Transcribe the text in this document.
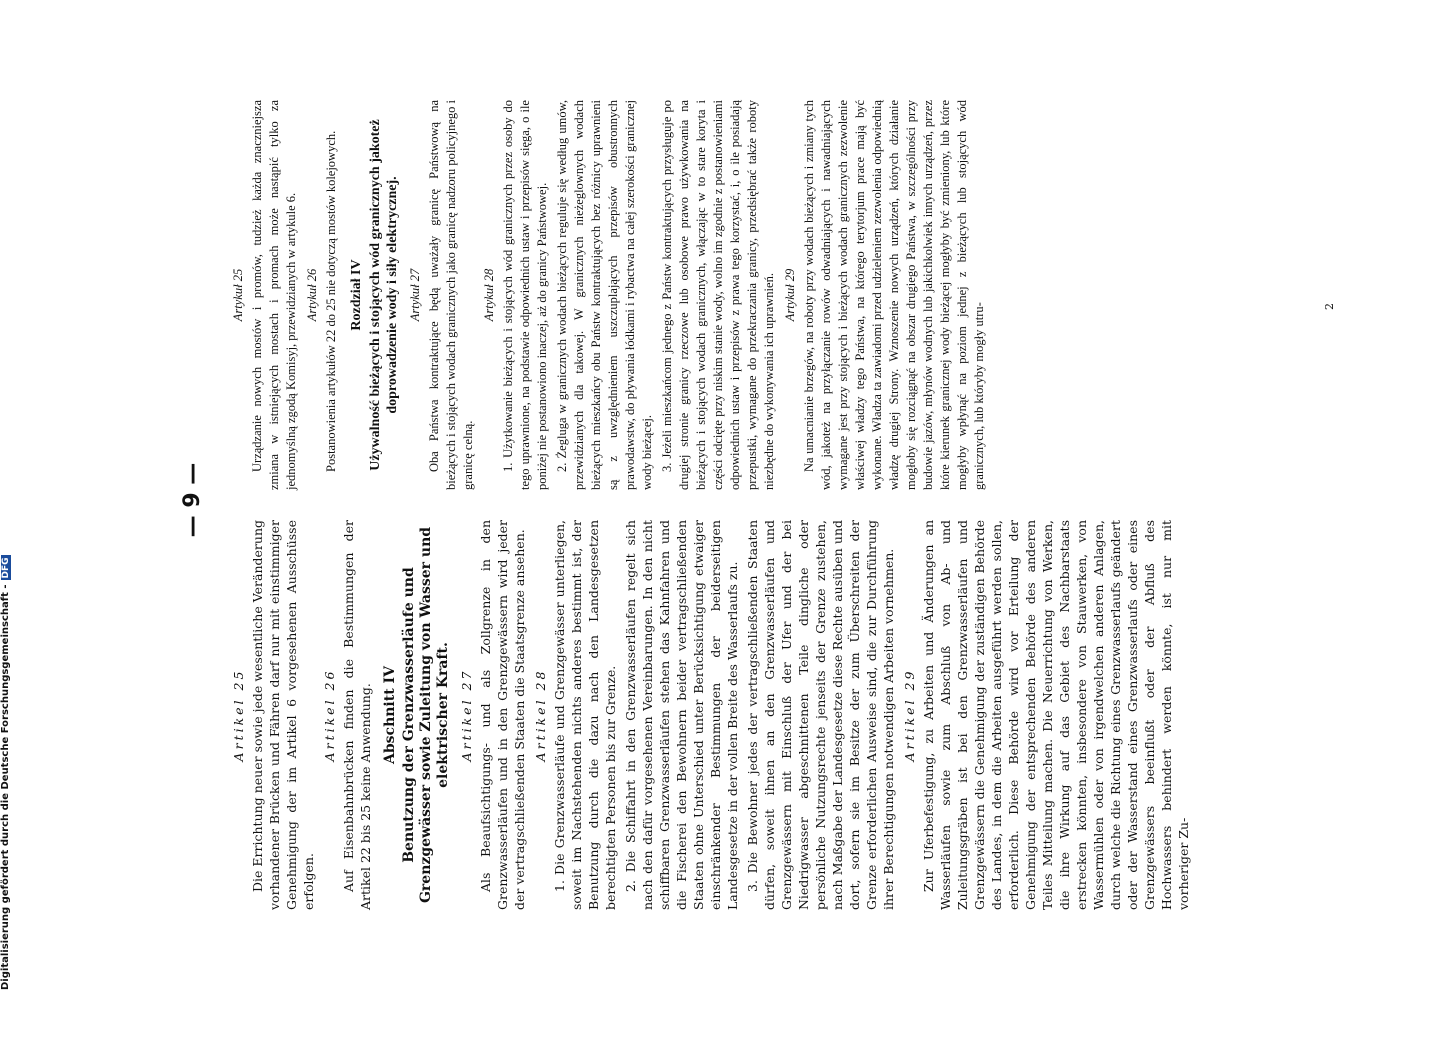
— 9 —
Artikel 25 Die Errichtung neuer sowie jede wesentliche Veränderung vorhandener Brücken und Fähren darf nur mit einstimmiger Genehmigung der im Artikel 6 vorgesehenen Ausschüsse erfolgen.

Artikel 26 Auf Eisenbahnbrücken finden die Bestimmungen der Artikel 22 bis 25 keine Anwendung. Abschnitt IV Benutzung der Grenzwasserläufe und Grenzgewässer sowie Zuleitung von Wasser und elektrischer Kraft. Artikel 27 Als Beaufsichtigungs- und als Zollgrenze in den Grenzwasserläufen und in den Grenzgewässern wird jeder der vertragschließenden Staaten die Staatsgrenze ansehen. Artikel 28 1. Die Grenzwasserläufe und Grenzgewässer unterliegen, soweit im Nachstehenden nichts anderes bestimmt ist, der Benutzung durch die dazu nach den Landesgesetzen berechtigten Personen bis zur Grenze. 2. Die Schiffahrt in den Grenzwasserläufen regelt sich nach den dafür vorgesehenen Vereinbarungen. In den nicht schiffbaren Grenzwasserläufen stehen das Kahnfahren und die Fischerei den Bewohnern beider vertragschließenden Staaten ohne Unterschied unter Berücksichtigung etwaiger einschränkender Bestimmungen der beiderseitigen Landesgesetze in der vollen Breite des Wasserlaufs zu. 3. Die Bewohner jedes der vertragschließenden Staaten dürfen, soweit ihnen an den Grenzwasserläufen und Grenzgewässern mit Einschluß der Ufer und der bei Niedrigwasser abgeschnittenen Teile dingliche oder persönliche Nutzungsrechte jenseits der Grenze zustehen, nach Maßgabe der Landesgesetze diese Rechte ausüben und dort, sofern sie im Besitze der zum Überschreiten der Grenze erforderlichen Ausweise sind, die zur Durchführung ihrer Berechtigungen notwendigen Arbeiten vornehmen. Artikel 29 Zur Uferbefestigung, zu Arbeiten und Änderungen an Wasserläufen sowie zum Abschluß von Ab- und Zuleitungsgräben ist bei den Grenzwasserläufen und Grenzgewässern die Genehmigung der zuständigen Behörde des Landes, in dem die Arbeiten ausgeführt werden sollen, erforderlich. Diese Behörde wird vor Erteilung der Genehmigung der entsprechenden Behörde des anderen Teiles Mitteilung machen. Die Neuerrichtung von Werken, die ihre Wirkung auf das Gebiet des Nachbarstaats erstrecken könnten, insbesondere von Stauwerken, von Wassermühlen oder von irgendwelchen anderen Anlagen, durch welche die Richtung eines Grenzwasserlaufs geändert oder der Wasserstand eines Grenzwasserlaufs oder eines Grenzgewässers beeinflußt oder der Abfluß des Hochwassers behindert werden könnte, ist nur mit vorheriger Zu-

Artykuł 25 Urządzanie nowych mostów i promów, tudzież każda znaczniejsza zmiana w istniejących mostach i promach może nastąpić tylko za jednomyślną zgodą Komisyj, przewidzianych w artykule 6. Artykuł 26 Postanowienia artykułów 22 do 25 nie dotyczą mostów kolejowych. Rozdział IV Używalność bieżących i stojących wód granicznych jakoteż doprowadzenie wody i siły elektrycznej. Artykuł 27 Oba Państwa kontraktujące będą uważały granicę Państwową na bieżących i stojących wodach granicznych jako granicę nadzoru policyjnego i granicę celną.

Artykuł 28 1. Użytkowanie bieżących i stojących wód granicznych przez osoby do tego uprawnione, na podstawie odpowiednich ustaw i przepisów sięga, o ile poniżej nie postanowiono inaczej, aż do granicy Państwowej. 2. Żegluga w granicznych wodach bieżących reguluje się według umów, przewidzianych dla takowej. W granicznych nieżeglownych wodach bieżących mieszkańcy obu Państw kontraktujących bez różnicy uprawnieni są z uwzględnieniem uszczuplających przepisów obustronnych prawodawstw, do pływania łódkami i rybactwa na całej szerokości granicznej wody bieżącej. 3. Jeżeli mieszkańcom jednego z Państw kontraktujących przysługuje po drugiej stronie granicy rzeczowe lub osobowe prawo używkowania na bieżących i stojących wodach granicznych, włączając w to stare koryta i części odcięte przy niskim stanie wody, wolno im zgodnie z postanowieniami odpowiednich ustaw i przepisów z prawa tego korzystać, i, o ile posiadają przepustki, wymagane do przekraczania granicy, przedsiębrać także roboty niezbędne do wykonywania ich uprawnień. Artykuł 29 Na umacnianie brzegów, na roboty przy wodach bieżących i zmiany tych wód, jakoteż na przyłączanie rowów odwadniających i nawadniających wymagane jest przy stojących i bieżących wodach granicznych zezwolenie właściwej władzy tego Państwa, na którego terytorjum prace mają być wykonane. Władza ta zawiadomi przed udzieleniem zezwolenia odpowiednią władzę drugiej Strony. Wznoszenie nowych urządzeń, których działanie mogłoby się rozciągnąć na obszar drugiego Państwa, w szczególności przy budowie jazów, młynów wodnych lub jakichkolwiek innych urządzeń, przez które kierunek granicznej wody bieżącej mogłyby być zmieniony, lub które mogłyby wpłynąć na poziom jednej z bieżących lub stojących wód granicznych, lub któryby mogły utru-	2
Digitalisierung gefördert durch die Deutsche Forschungsgemeinschaft -DFG
